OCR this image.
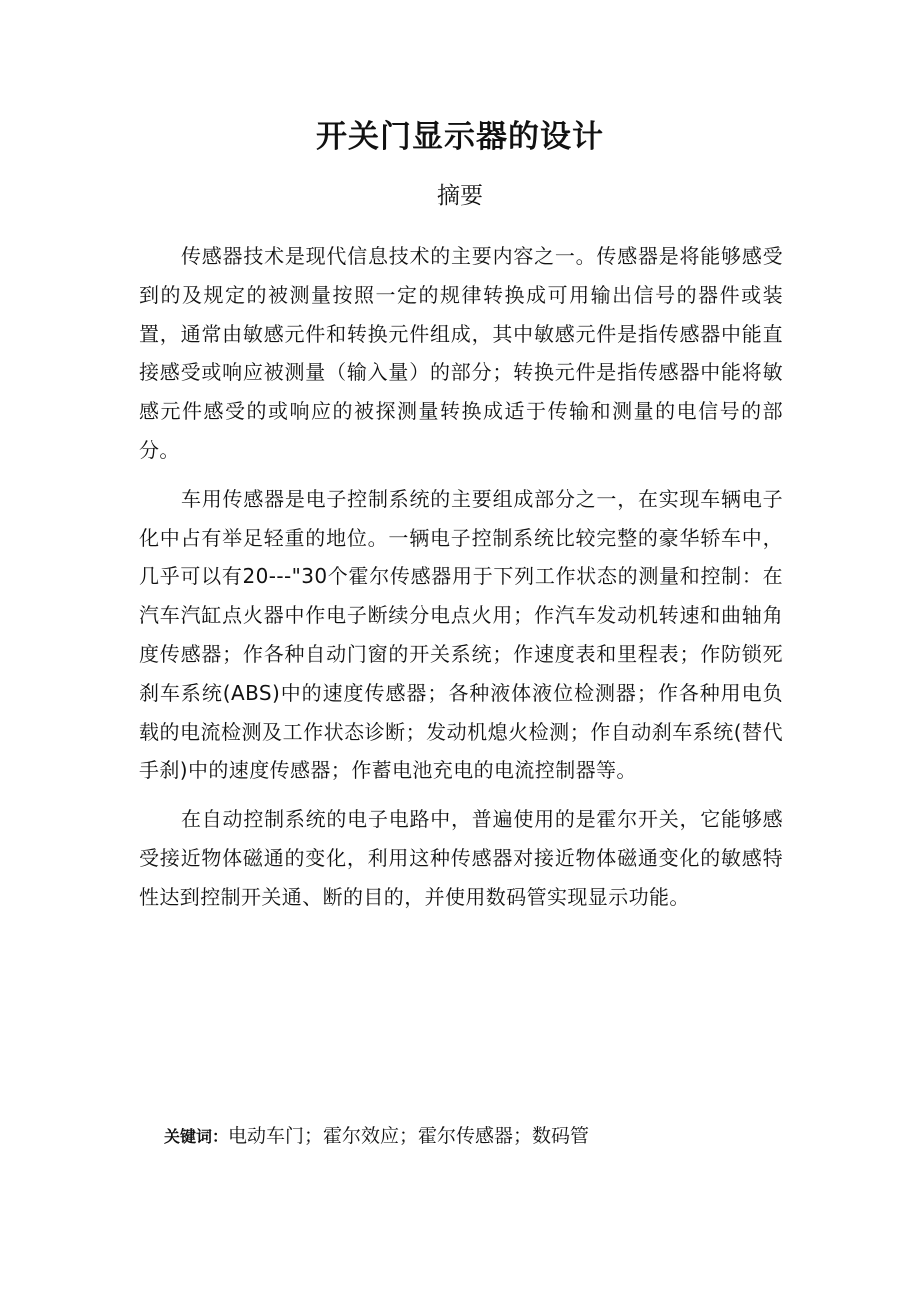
开关门显示器的设计
摘要

传感器技术是现代信息技术的主要内容之一。传感器是将能够感受到的及规定的被测量按照一定的规律转换成可用输出信号的器件或装置，通常由敏感元件和转换元件组成，其中敏感元件是指传感器中能直接感受或响应被测量（输入量）的部分；转换元件是指传感器中能将敏感元件感受的或响应的被探测量转换成适于传输和测量的电信号的部分。

车用传感器是电子控制系统的主要组成部分之一，在实现车辆电子化中占有举足轻重的地位。一辆电子控制系统比较完整的豪华轿车中，几乎可以有20---"30个霍尔传感器用于下列工作状态的测量和控制：在汽车汽缸点火器中作电子断续分电点火用；作汽车发动机转速和曲轴角度传感器；作各种自动门窗的开关系统；作速度表和里程表；作防锁死刹车系统(ABS)中的速度传感器；各种液体液位检测器；作各种用电负载的电流检测及工作状态诊断；发动机熄火检测；作自动刹车系统(替代手刹)中的速度传感器；作蓄电池充电的电流控制器等。

在自动控制系统的电子电路中，普遍使用的是霍尔开关，它能够感受接近物体磁通的变化，利用这种传感器对接近物体磁通变化的敏感特性达到控制开关通、断的目的，并使用数码管实现显示功能。

关键词：电动车门；霍尔效应；霍尔传感器；数码管
